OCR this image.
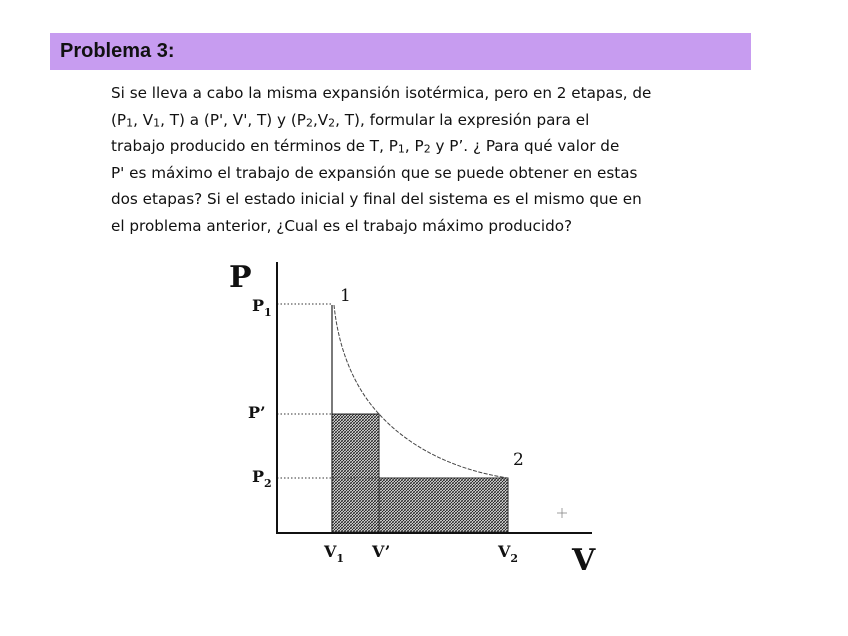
Problema 3:
Si se lleva a cabo la misma expansión isotérmica, pero en 2 etapas, de
($P_1$, $V_1$, T) a (P', V', T) y ($P_2,V_2$, T), formular la expresión para el
trabajo producido en términos de T, $P_1$, $P_2$ y P’. ¿ Para qué valor de
P' es máximo el trabajo de expansión que se puede obtener en estas
dos etapas? Si el estado inicial y final del sistema es el mismo que en
el problema anterior, ¿Cual es el trabajo máximo producido?
P
V
$P_1$
P’
$P_2$
$V_1$ V’	$V_2$
1
2
